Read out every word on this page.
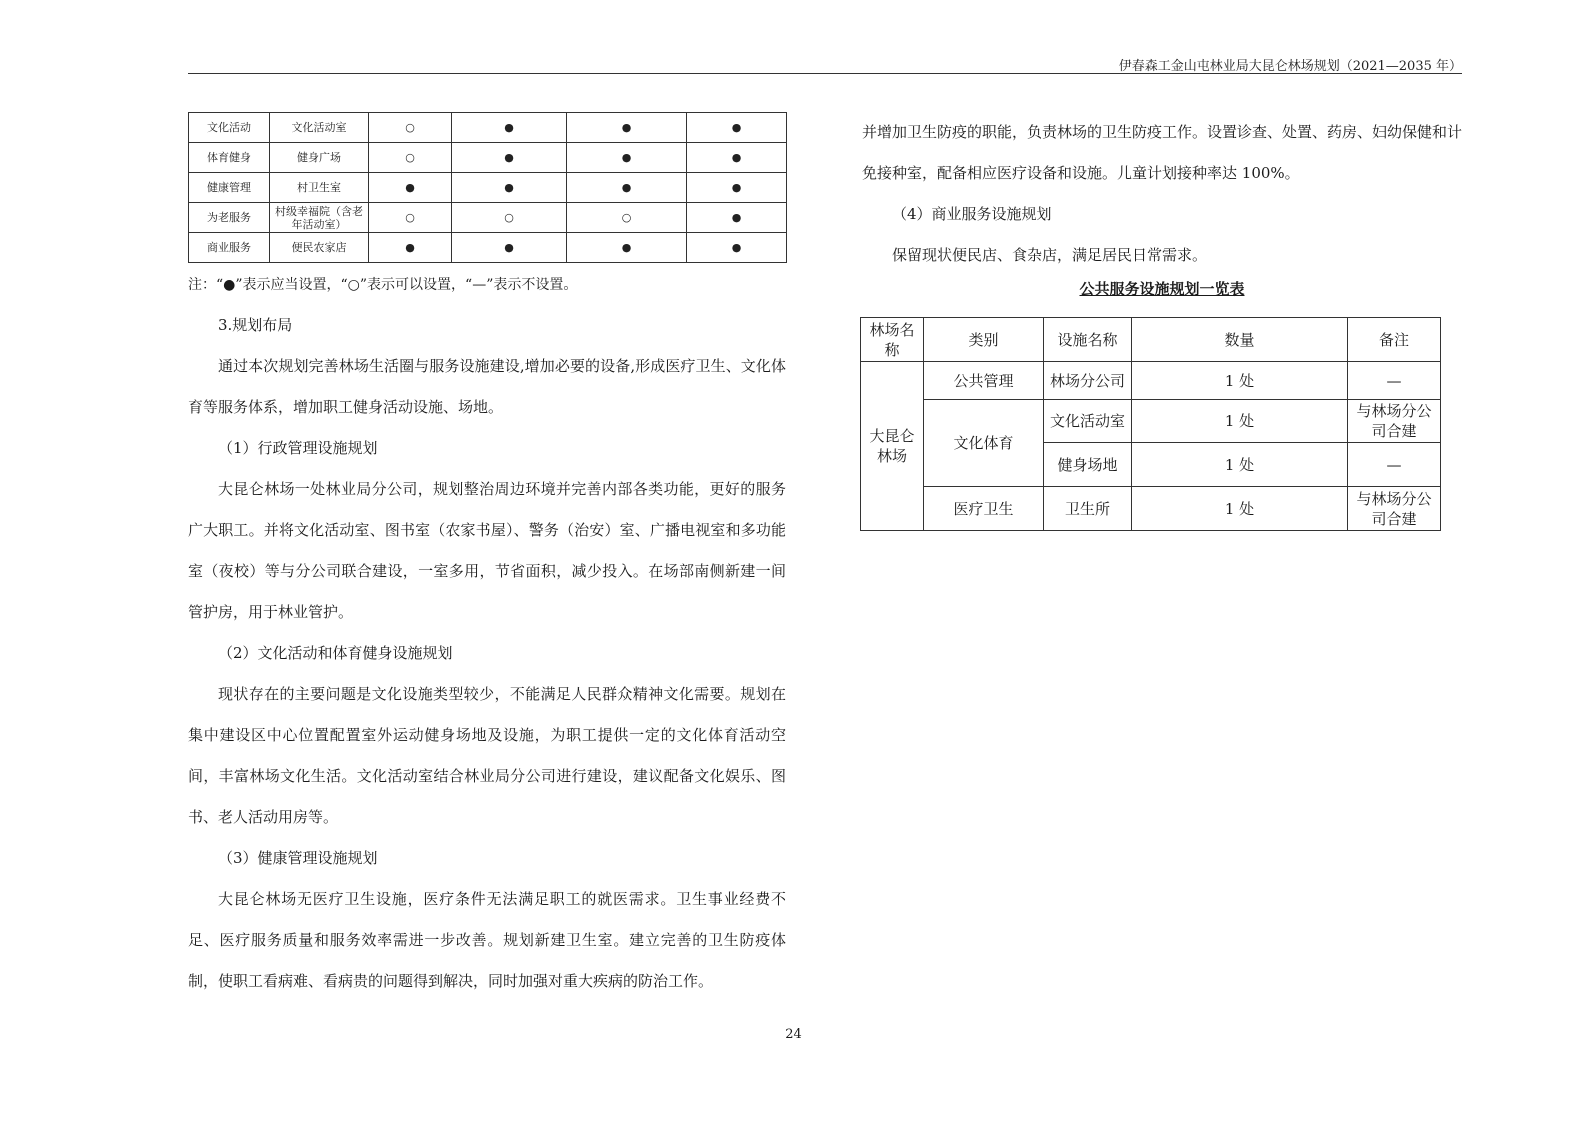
伊春森工金山屯林业局大昆仑林场规划（2021—2035 年）
文化活动	文化活动室	○	●	●	●
体育健身	健身广场	○	●	●	●
健康管理	村卫生室	●	●	●	●
为老服务	村级幸福院（含老年活动室）	○	○	○	●
商业服务	便民农家店	●	●	●	●
注：“●”表示应当设置，“○”表示可以设置，“—”表示不设置。

3.规划布局

通过本次规划完善林场生活圈与服务设施建设,增加必要的设备,形成医疗卫生、文化体育等服务体系，增加职工健身活动设施、场地。

（1）行政管理设施规划

大昆仑林场一处林业局分公司，规划整治周边环境并完善内部各类功能，更好的服务广大职工。并将文化活动室、图书室（农家书屋）、警务（治安）室、广播电视室和多功能室（夜校）等与分公司联合建设，一室多用，节省面积，减少投入。在场部南侧新建一间管护房，用于林业管护。

（2）文化活动和体育健身设施规划

现状存在的主要问题是文化设施类型较少，不能满足人民群众精神文化需要。规划在集中建设区中心位置配置室外运动健身场地及设施，为职工提供一定的文化体育活动空间，丰富林场文化生活。文化活动室结合林业局分公司进行建设，建议配备文化娱乐、图书、老人活动用房等。

（3）健康管理设施规划

大昆仑林场无医疗卫生设施，医疗条件无法满足职工的就医需求。卫生事业经费不足、医疗服务质量和服务效率需进一步改善。规划新建卫生室。建立完善的卫生防疫体制，使职工看病难、看病贵的问题得到解决，同时加强对重大疾病的防治工作。

并增加卫生防疫的职能，负责林场的卫生防疫工作。设置诊查、处置、药房、妇幼保健和计免接种室，配备相应医疗设备和设施。儿童计划接种率达 100%。

（4）商业服务设施规划

保留现状便民店、食杂店，满足居民日常需求。

公共服务设施规划一览表
林场名称	类别	设施名称	数量	备注
大昆仑林场	公共管理	林场分公司	1 处	—
	文化体育	文化活动室	1 处	与林场分公司合建
		健身场地	1 处	—
	医疗卫生	卫生所	1 处	与林场分公司合建
24
